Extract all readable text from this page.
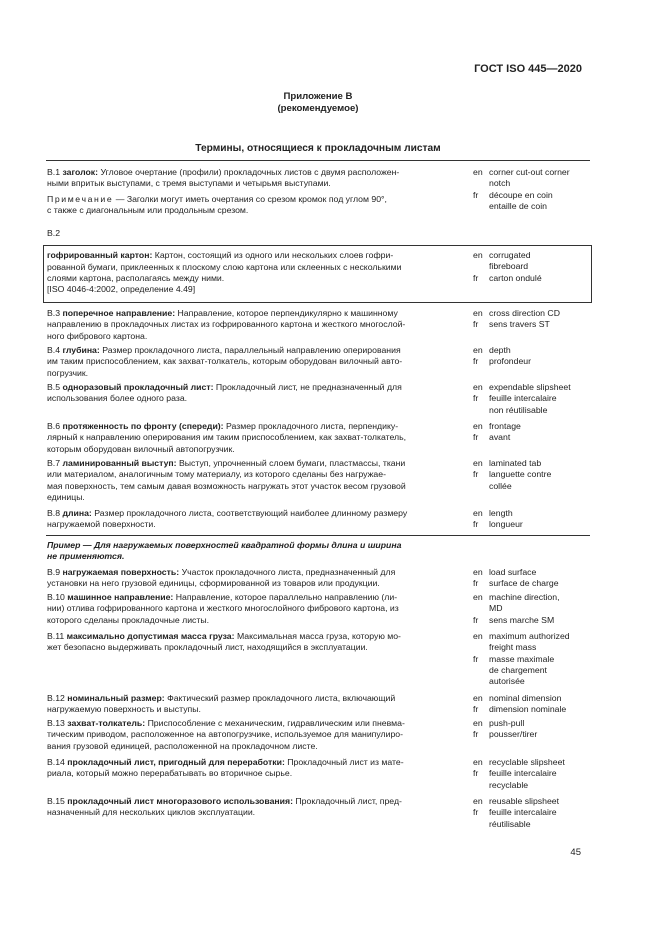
ГОСТ ISO 445—2020
Приложение В
(рекомендуемое)
Термины, относящиеся к прокладочным листам
Пример — Для нагружаемых поверхностей квадратной формы длина и ширина
не применяются.
45
В.1 заголок: Угловое очертание (профили) прокладочных листов с двумя расположен-
ными впритык выступами, с тремя выступами и четырьмя выступами.
Примечание — Заголки могут иметь очертания со срезом кромок под углом 90°,
с также с диагональным или продольным срезом.
en corner cut-out corner
notch
fr	découpe en coin
entaille de coin
В.2
гофрированный картон: Картон, состоящий из одного или нескольких слоев гофри-
рованной бумаги, приклеенных к плоскому слою картона или склеенных с несколькими
слоями картона, располагаясь между ними.
[ISO 4046-4:2002, определение 4.49]
en corrugated
fibreboard
fr	carton ondulé
В.3 поперечное направление: Направление, которое перпендикулярно к машинному
направлению в прокладочных листах из гофрированного картона и жесткого многослой-
ного фибрового картона.
en cross direction CD
fr	sens travers ST
В.4 глубина: Размер прокладочного листа, параллельный направлению оперирования
им таким приспособлением, как захват-толкатель, которым оборудован вилочный авто-
погрузчик.
en depth
fr	profondeur
В.5 одноразовый прокладочный лист: Прокладочный лист, не предназначенный для
использования более одного раза.
en expendable slipsheet
fr	feuille intercalaire
non réutilisable
В.6 протяженность по фронту (спереди): Размер прокладочного листа, перпендику-
лярный к направлению оперирования им таким приспособлением, как захват-толкатель,
которым оборудован вилочный автопогрузчик.
en frontage
fr	avant
В.7 ламинированный выступ: Выступ, упрочненный слоем бумаги, пластмассы, ткани
или материалом, аналогичным тому материалу, из которого сделаны без нагружае-
мая поверхность, тем самым давая возможность нагружать этот участок весом грузовой
единицы.
en laminated tab
fr	languette contre
collée
В.8 длина: Размер прокладочного листа, соответствующий наиболее длинному размеру
нагружаемой поверхности.
en length
fr	longueur
В.9 нагружаемая поверхность: Участок прокладочного листа, предназначенный для
установки на него грузовой единицы, сформированной из товаров или продукции.
en load surface
fr	surface de charge
В.10 машинное направление: Направление, которое параллельно направлению (ли-
нии) отлива гофрированного картона и жесткого многослойного фибрового картона, из
которого сделаны прокладочные листы.
en machine direction,
MD
fr	sens marche SM
В.11 максимально допустимая масса груза: Максимальная масса груза, которую мо-
жет безопасно выдерживать прокладочный лист, находящийся в эксплуатации.
en maximum authorized
freight mass
fr	masse maximale
de chargement
autorisée
В.12 номинальный размер: Фактический размер прокладочного листа, включающий
нагружаемую поверхность и выступы.
en nominal dimension
fr	dimension nominale
В.13 захват-толкатель: Приспособление с механическим, гидравлическим или пневма-
тическим приводом, расположенное на автопогрузчике, используемое для манипулиро-
вания грузовой единицей, расположенной на прокладочном листе.
en push-pull
fr	pousser/tirer
В.14 прокладочный лист, пригодный для переработки: Прокладочный лист из мате-
риала, который можно перерабатывать во вторичное сырье.
en recyclable slipsheet
fr	feuille intercalaire
recyclable
В.15 прокладочный лист многоразового использования: Прокладочный лист, пред-
назначенный для нескольких циклов эксплуатации.
en reusable slipsheet
fr	feuille intercalaire
réutilisable
